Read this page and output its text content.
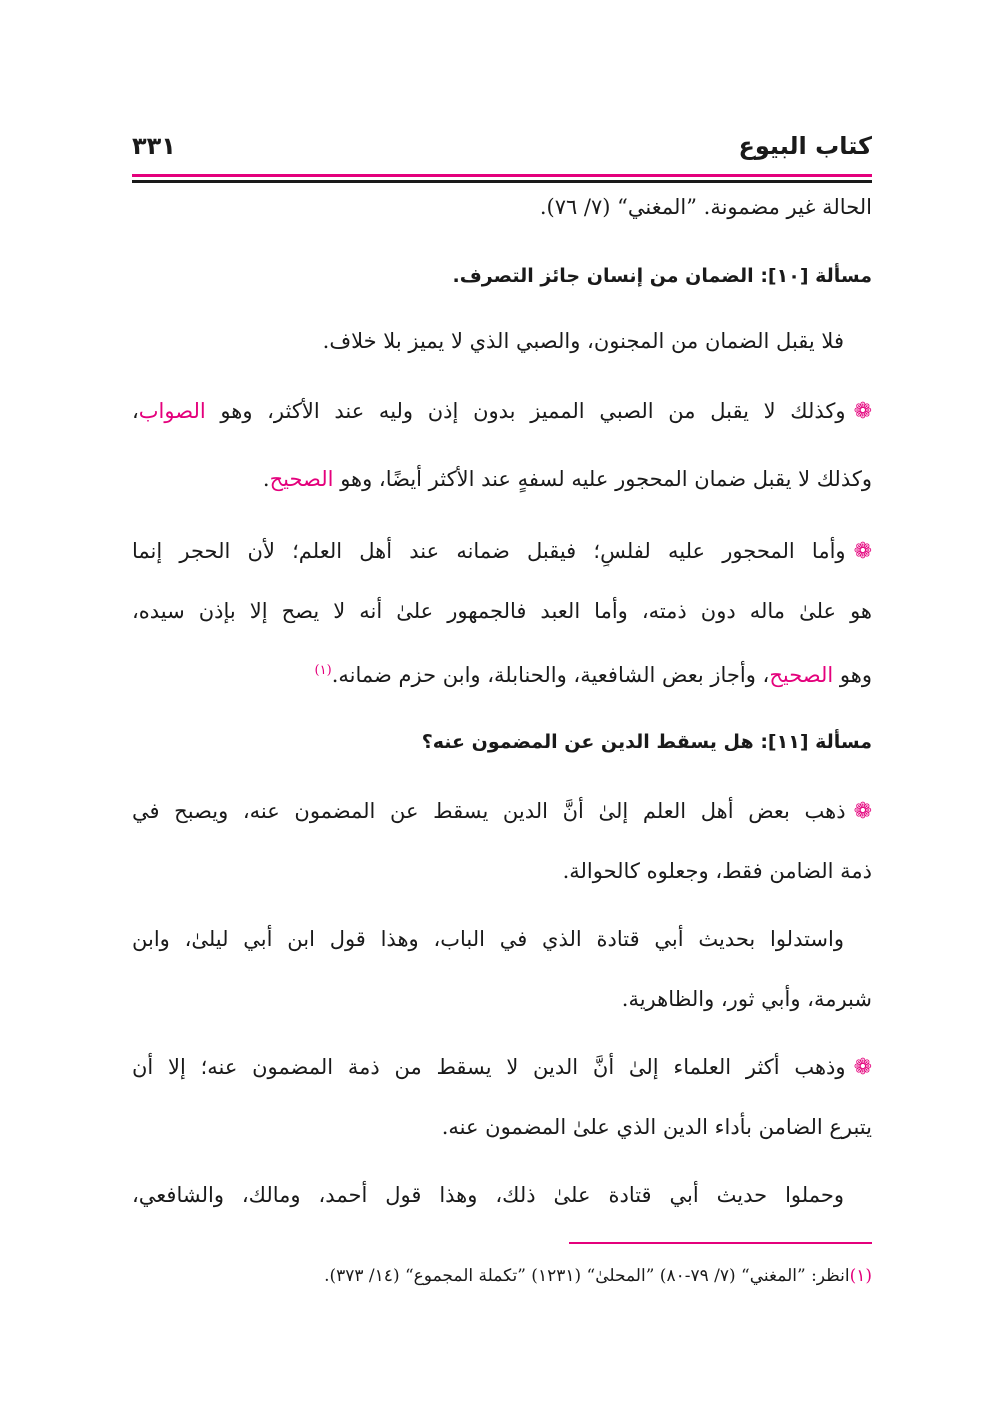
كتاب البيوع
٣٣١
الحالة غير مضمونة. ”المغني“ (٧/ ٧٦).
مسألة [١٠]: الضمان من إنسان جائز التصرف.
فلا يقبل الضمان من المجنون، والصبي الذي لا يميز بلا خلاف.
❁وكذلك لا يقبل من الصبي المميز بدون إذن وليه عند الأكثر، وهو الصواب،
وكذلك لا يقبل ضمان المحجور عليه لسفهٍ عند الأكثر أيضًا، وهو الصحيح.
❁وأما المحجور عليه لفلسٍ؛ فيقبل ضمانه عند أهل العلم؛ لأن الحجر إنما
هو علىٰ ماله دون ذمته، وأما العبد فالجمهور علىٰ أنه لا يصح إلا بإذن سيده،
وهو الصحيح، وأجاز بعض الشافعية، والحنابلة، وابن حزم ضمانه.$^{(١)}$
مسألة [١١]: هل يسقط الدين عن المضمون عنه؟
❁ذهب بعض أهل العلم إلىٰ أنَّ الدين يسقط عن المضمون عنه، ويصبح في
ذمة الضامن فقط، وجعلوه كالحوالة.
واستدلوا بحديث أبي قتادة الذي في الباب، وهذا قول ابن أبي ليلىٰ، وابن
شبرمة، وأبي ثور، والظاهرية.
❁وذهب أكثر العلماء إلىٰ أنَّ الدين لا يسقط من ذمة المضمون عنه؛ إلا أن
يتبرع الضامن بأداء الدين الذي علىٰ المضمون عنه.
وحملوا حديث أبي قتادة علىٰ ذلك، وهذا قول أحمد، ومالك، والشافعي،
(١)انظر: ”المغني“ (٧/ ٧٩-٨٠) ”المحلىٰ“ (١٢٣١) ”تكملة المجموع“ (١٤/ ٣٧٣).
